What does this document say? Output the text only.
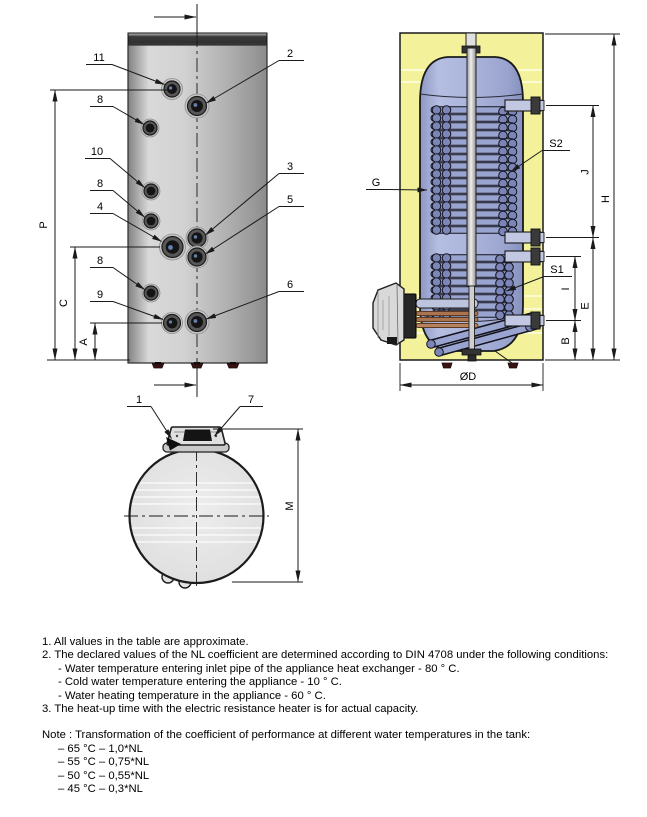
11
8
10
8
4
8
9
2
3
5
6
P
C
A
G
S2
S1
H
J
E
I
B
ØD
1	7
M

1. All values in the table are approximate.

2. The declared values of the NL coefficient are determined according to DIN 4708 under the following conditions:

- Water temperature entering inlet pipe of the appliance heat exchanger - 80 ° C.

- Cold water temperature entering the appliance - 10 ° C.

- Water heating temperature in the appliance - 60 ° C.

3. The heat-up time with the electric resistance heater is for actual capacity.

Note : Transformation of the coefficient of performance at different water temperatures in the tank:

– 65 °C – 1,0*NL

– 55 °C – 0,75*NL

– 50 °C – 0,55*NL

– 45 °C – 0,3*NL
